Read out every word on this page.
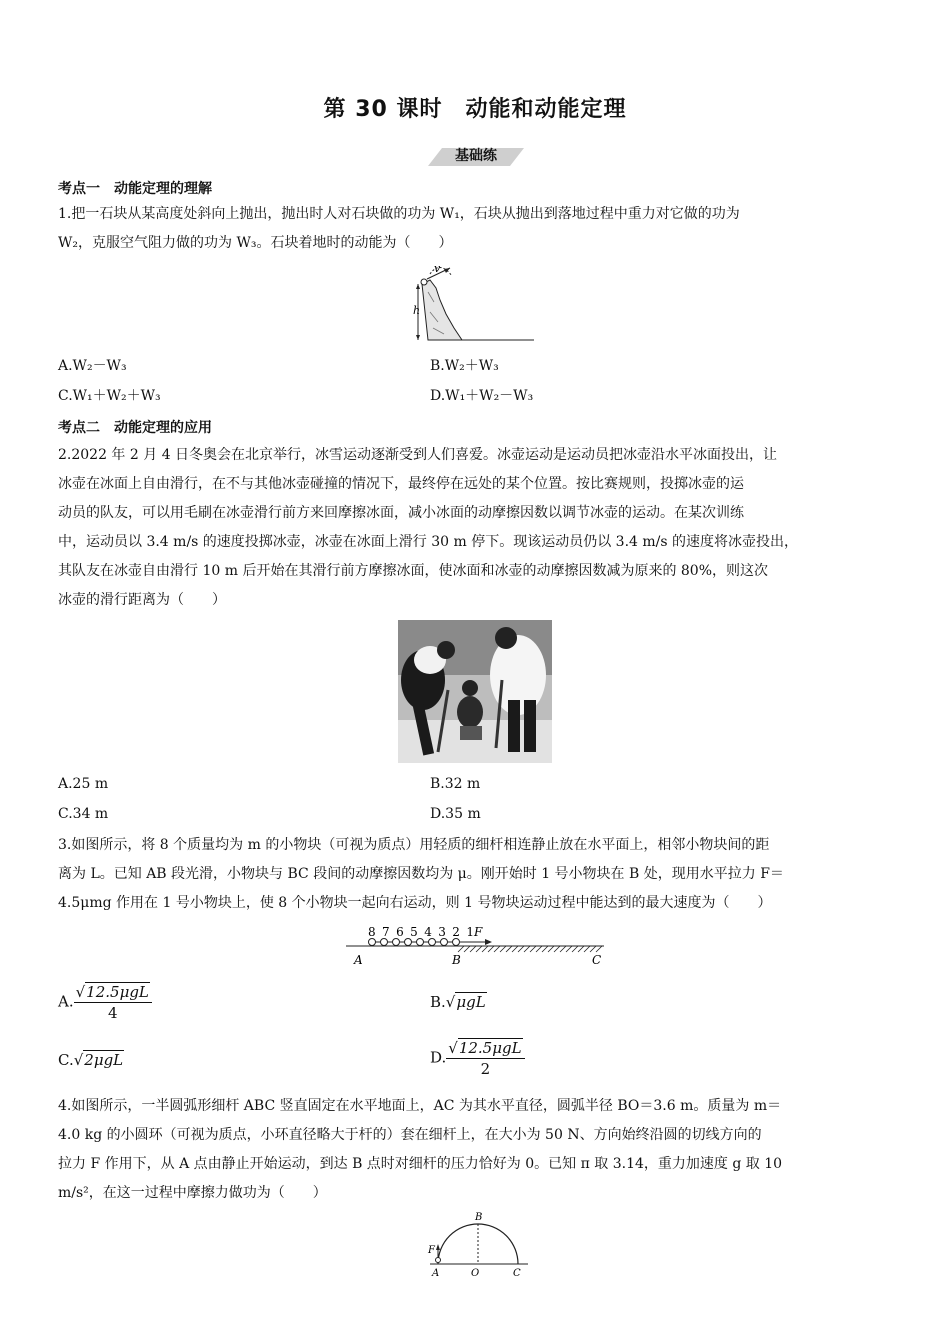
第 30 课时　动能和动能定理
基础练
考点一　动能定理的理解
1.把一石块从某高度处斜向上抛出，抛出时人对石块做的功为 W₁，石块从抛出到落地过程中重力对它做的功为
W₂，克服空气阻力做的功为 W₃。石块着地时的动能为（　　）
v
h
A.W₂－W₃	B.W₂＋W₃
C.W₁＋W₂＋W₃	D.W₁＋W₂－W₃
考点二　动能定理的应用
2.2022 年 2 月 4 日冬奥会在北京举行，冰雪运动逐渐受到人们喜爱。冰壶运动是运动员把冰壶沿水平冰面投出，让
冰壶在冰面上自由滑行，在不与其他冰壶碰撞的情况下，最终停在远处的某个位置。按比赛规则，投掷冰壶的运
动员的队友，可以用毛刷在冰壶滑行前方来回摩擦冰面，减小冰面的动摩擦因数以调节冰壶的运动。在某次训练
中，运动员以 3.4 m/s 的速度投掷冰壶，冰壶在冰面上滑行 30 m 停下。现该运动员仍以 3.4 m/s 的速度将冰壶投出，
其队友在冰壶自由滑行 10 m 后开始在其滑行前方摩擦冰面，使冰面和冰壶的动摩擦因数减为原来的 80%，则这次
冰壶的滑行距离为（　　）
A.25 m	B.32 m
C.34 m	D.35 m
3.如图所示，将 8 个质量均为 m 的小物块（可视为质点）用轻质的细杆相连静止放在水平面上，相邻小物块间的距
离为 L。已知 AB 段光滑，小物块与 BC 段间的动摩擦因数均为 μ。刚开始时 1 号小物块在 B 处，现用水平拉力 F＝
4.5μmg 作用在 1 号小物块上，使 8 个小物块一起向右运动，则 1 号物块运动过程中能达到的最大速度为（　　）
8 7 6 5 4 3 2 1
F
A	B	C
A. $\frac{\text{√12.5μgL}}{4}$	B.√μgL
C.√2μgL	D. $\frac{\text{√12.5μgL}}{2}$
4.如图所示，一半圆弧形细杆 ABC 竖直固定在水平地面上，AC 为其水平直径，圆弧半径 BO＝3.6 m。质量为 m＝
4.0 kg 的小圆环（可视为质点，小环直径略大于杆的）套在细杆上，在大小为 50 N、方向始终沿圆的切线方向的
拉力 F 作用下，从 A 点由静止开始运动，到达 B 点时对细杆的压力恰好为 0。已知 π 取 3.14，重力加速度 g 取 10
m/s²，在这一过程中摩擦力做功为（　　）
B
F
A	O	C
